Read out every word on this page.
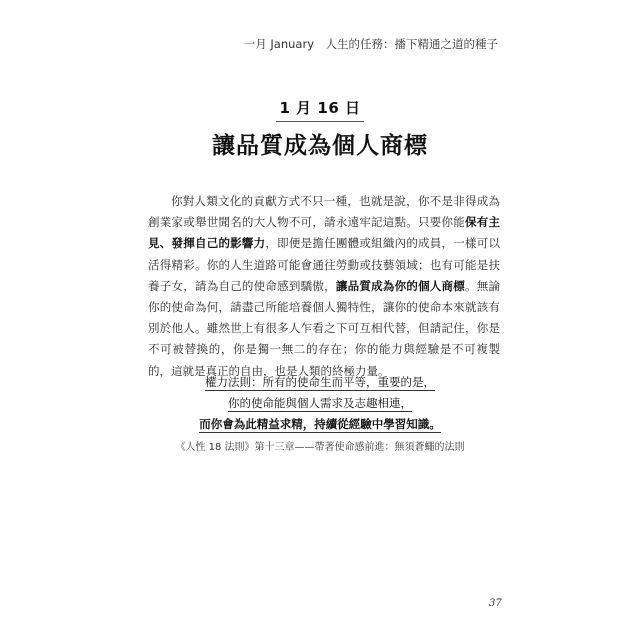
一月 January　人生的任務：播下精通之道的種子
1 月 16 日
讓品質成為個人商標

你對人類文化的貢獻方式不只一種，也就是說，你不是非得成為創業家或舉世聞名的大人物不可，請永遠牢記這點。只要你能保有主見、發揮自己的影響力，即便是擔任團體或組織內的成員，一樣可以活得精彩。你的人生道路可能會通往勞動或技藝領域；也有可能是扶養子女，請為自己的使命感到驕傲，讓品質成為你的個人商標。無論你的使命為何，請盡己所能培養個人獨特性，讓你的使命本來就該有別於他人。雖然世上有很多人乍看之下可互相代替，但請記住，你是不可被替換的，你是獨一無二的存在；你的能力與經驗是不可複製的，這就是真正的自由，也是人類的終極力量。

權力法則：所有的使命生而平等，重要的是，
你的使命能與個人需求及志趣相連，
而你會為此精益求精，持續從經驗中學習知識。
《人性 18 法則》第十三章——帶著使命感前進：無須蒼蠅的法則
37
